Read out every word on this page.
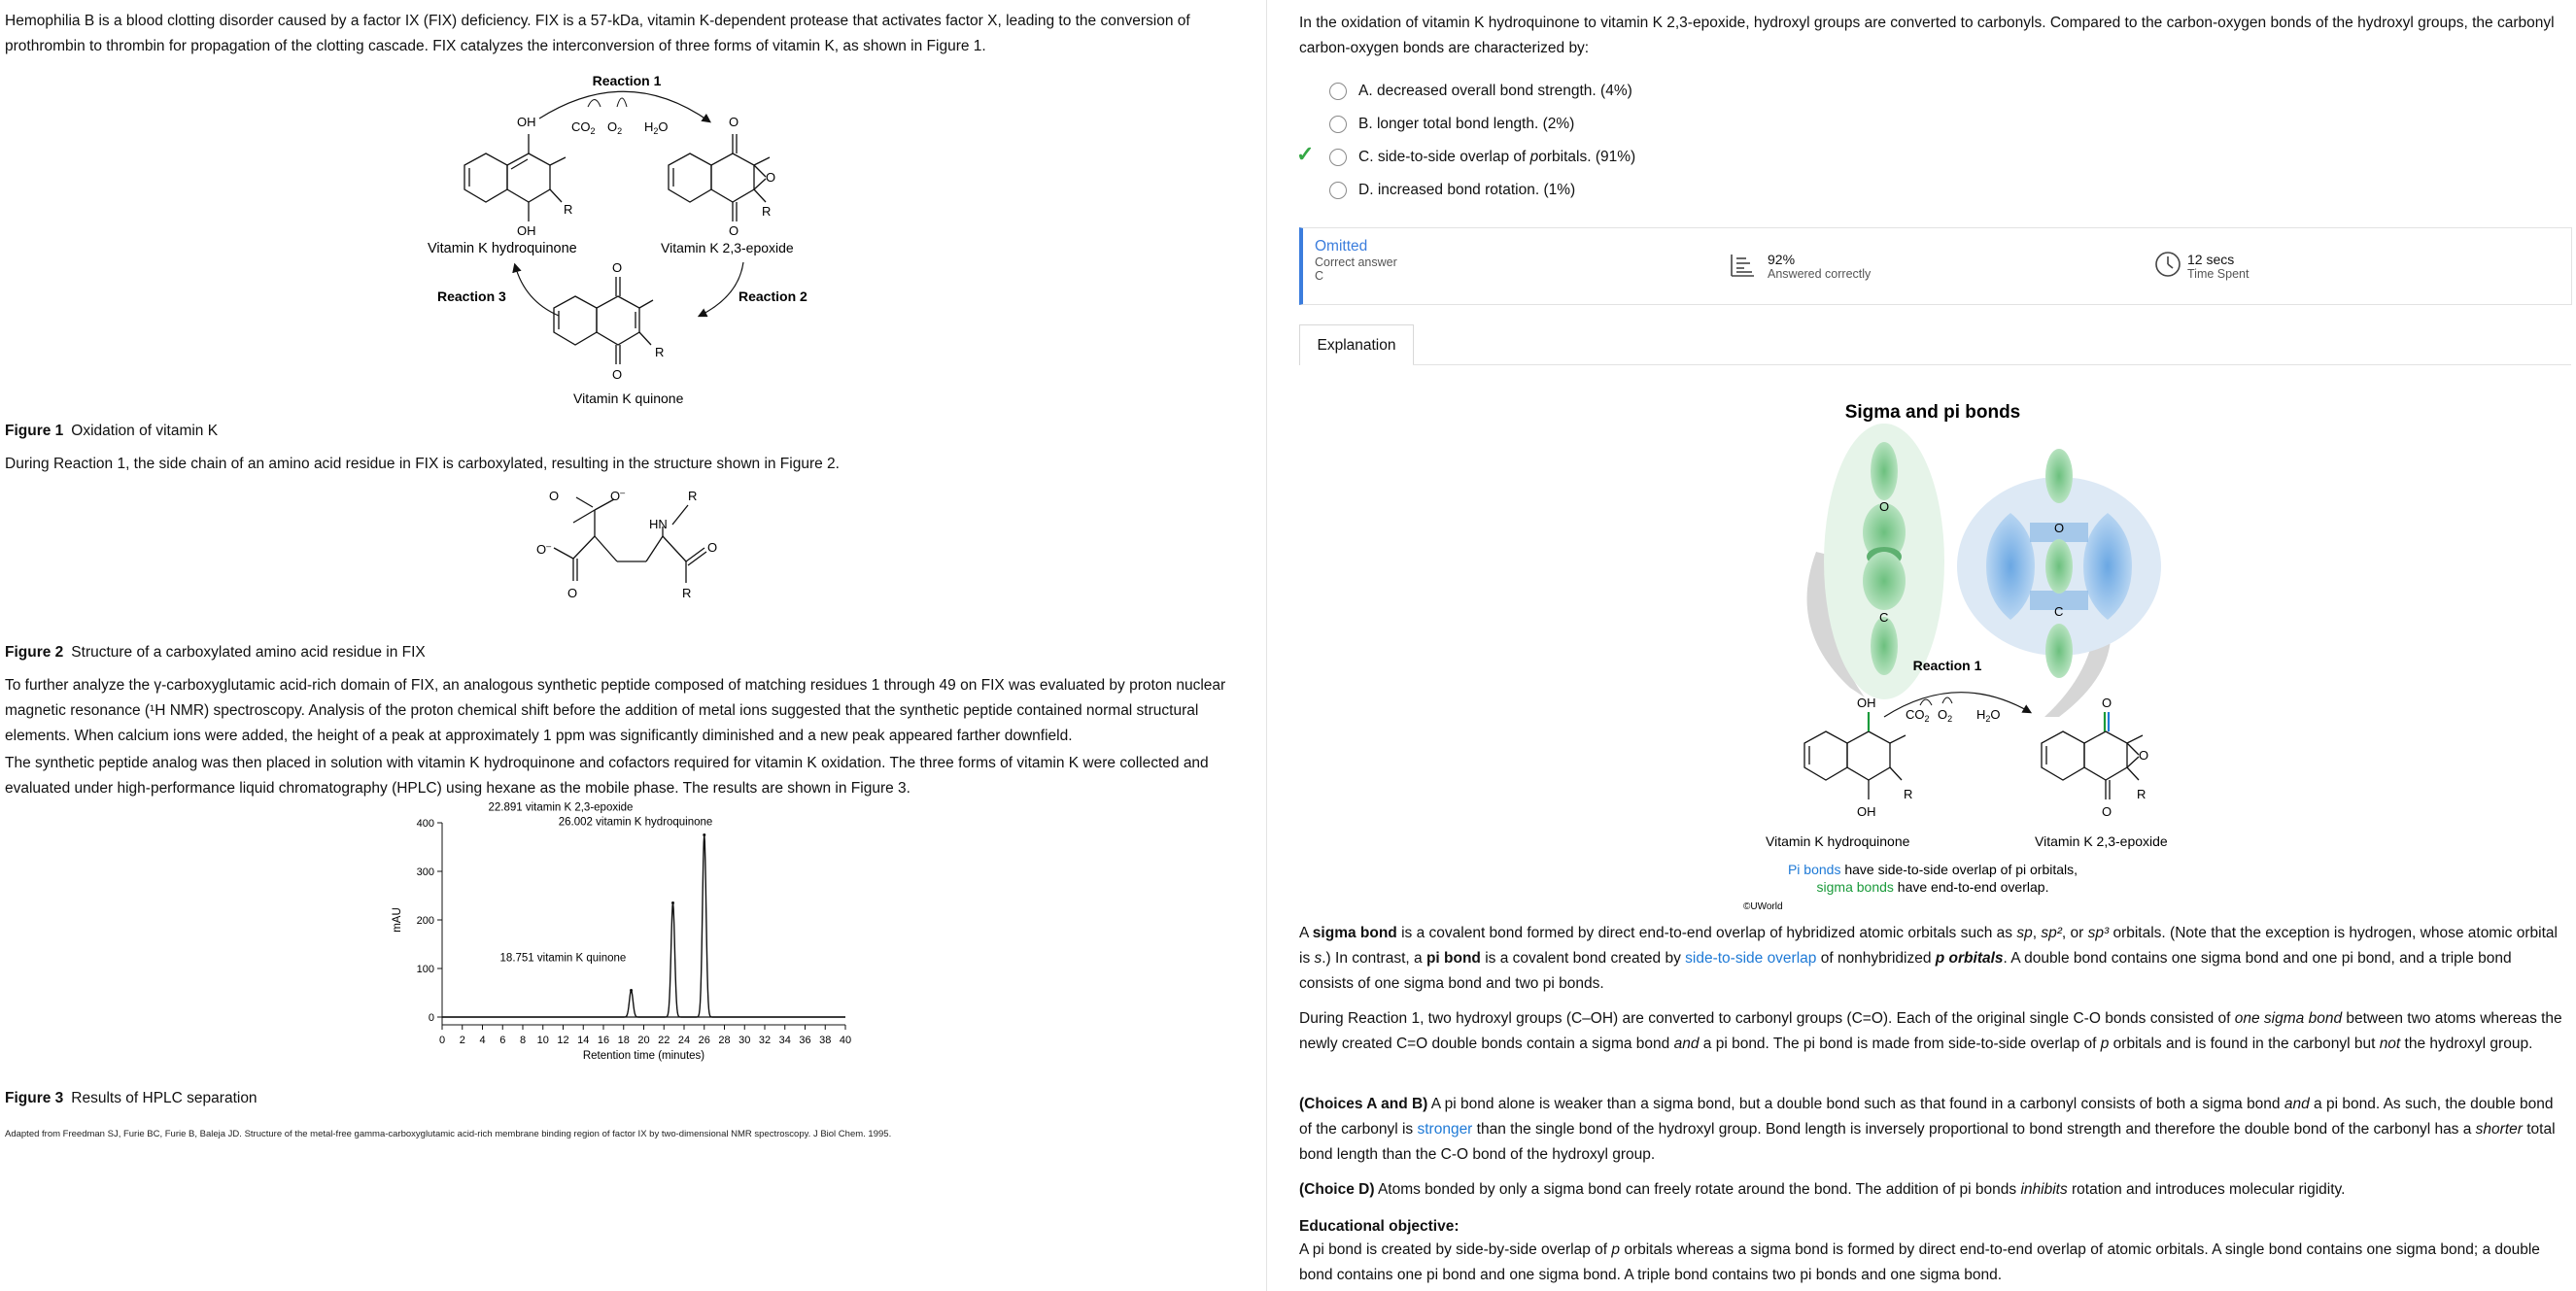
Hemophilia B is a blood clotting disorder caused by a factor IX (FIX) deficiency. FIX is a 57-kDa, vitamin K-dependent protease that activates factor X, leading to the conversion of prothrombin to thrombin for propagation of the clotting cascade. FIX catalyzes the interconversion of three forms of vitamin K, as shown in Figure 1.
Reaction 1
$CO_2$ $O_2$ $H_2O$
OH
R
OH
Vitamin K hydroquinone
O
O
R
O
Vitamin K 2,3-epoxide
Reaction 2
Reaction 3
O
R
O
Vitamin K quinone
Figure 1 Oxidation of vitamin K
During Reaction 1, the side chain of an amino acid residue in FIX is carboxylated, resulting in the structure shown in Figure 2.
O	O–
O–
O
HN
R
O
R
Figure 2 Structure of a carboxylated amino acid residue in FIX
To further analyze the γ-carboxyglutamic acid-rich domain of FIX, an analogous synthetic peptide composed of matching residues 1 through 49 on FIX was evaluated by proton nuclear magnetic resonance (¹H NMR) spectroscopy. Analysis of the proton chemical shift before the addition of metal ions suggested that the synthetic peptide contained normal structural elements. When calcium ions were added, the height of a peak at approximately 1 ppm was significantly diminished and a new peak appeared farther downfield.
The synthetic peptide analog was then placed in solution with vitamin K hydroquinone and cofactors required for vitamin K oxidation. The three forms of vitamin K were collected and evaluated under high-performance liquid chromatography (HPLC) using hexane as the mobile phase. The results are shown in Figure 3.
0
100
200
300
400
0 2 4 6 8 10 12 14 16 18 20 22 24 26 28 30 32 34 36 38 40
Retention time (minutes)
mAU
18.751 vitamin K quinone
22.891 vitamin K 2,3-epoxide
26.002 vitamin K hydroquinone
Figure 3 Results of HPLC separation
Adapted from Freedman SJ, Furie BC, Furie B, Baleja JD. Structure of the metal-free gamma-carboxyglutamic acid-rich membrane binding region of factor IX by two-dimensional NMR spectroscopy. J Biol Chem. 1995.
In the oxidation of vitamin K hydroquinone to vitamin K 2,3-epoxide, hydroxyl groups are converted to carbonyls. Compared to the carbon-oxygen bonds of the hydroxyl groups, the carbonyl carbon-oxygen bonds are characterized by:
A.
decreased overall bond strength.
(4%)
B.
longer total bond length.
(2%)
✓	C.
side-to-side overlap of p orbitals.
(91%)
D.
increased bond rotation.
(1%)
Omitted
Correct answer
C
92%
Answered correctly
12 secs
Time Spent
Explanation
Sigma and pi bonds
O
C
O
C
Reaction 1
$CO_2$ $O_2$ $H_2O$
OH
R
OH
Vitamin K hydroquinone
O
O
R
O
Vitamin K 2,3-epoxide
Pi bonds have side-to-side overlap of pi orbitals,
sigma bonds have end-to-end overlap.
©UWorld
A sigma bond is a covalent bond formed by direct end-to-end overlap of hybridized atomic orbitals such as sp, sp², or sp³ orbitals. (Note that the exception is hydrogen, whose atomic orbital is s.) In contrast, a pi bond is a covalent bond created by side-to-side overlap of nonhybridized p orbitals. A double bond contains one sigma bond and one pi bond, and a triple bond consists of one sigma bond and two pi bonds.
During Reaction 1, two hydroxyl groups (C–OH) are converted to carbonyl groups (C=O). Each of the original single C-O bonds consisted of one sigma bond between two atoms whereas the newly created C=O double bonds contain a sigma bond and a pi bond. The pi bond is made from side-to-side overlap of p orbitals and is found in the carbonyl but not the hydroxyl group.
(Choices A and B) A pi bond alone is weaker than a sigma bond, but a double bond such as that found in a carbonyl consists of both a sigma bond and a pi bond. As such, the double bond of the carbonyl is stronger than the single bond of the hydroxyl group. Bond length is inversely proportional to bond strength and therefore the double bond of the carbonyl has a shorter total bond length than the C-O bond of the hydroxyl group.
(Choice D) Atoms bonded by only a sigma bond can freely rotate around the bond. The addition of pi bonds inhibits rotation and introduces molecular rigidity.
Educational objective:
A pi bond is created by side-by-side overlap of p orbitals whereas a sigma bond is formed by direct end-to-end overlap of atomic orbitals. A single bond contains one sigma bond; a double bond contains one pi bond and one sigma bond. A triple bond contains two pi bonds and one sigma bond.
